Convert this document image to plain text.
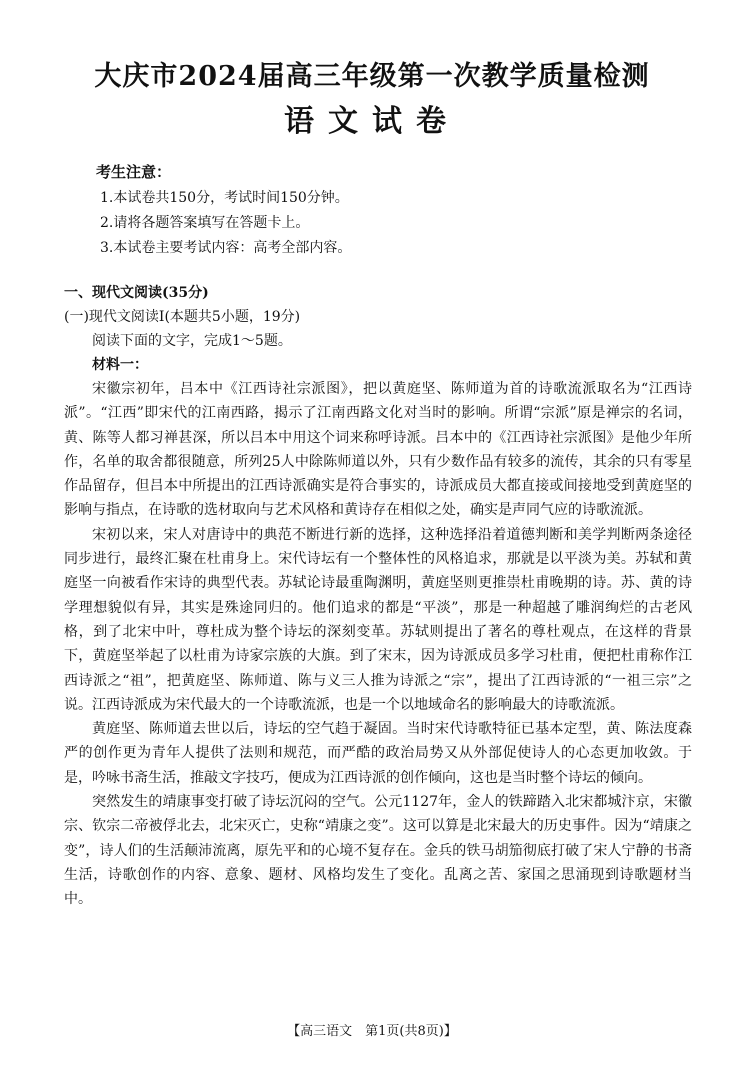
大庆市2024届高三年级第一次教学质量检测
语文试卷
考生注意：
1.本试卷共150分，考试时间150分钟。
2.请将各题答案填写在答题卡上。
3.本试卷主要考试内容：高考全部内容。
一、现代文阅读(35分)
(一)现代文阅读Ⅰ(本题共5小题，19分)
阅读下面的文字，完成1～5题。
材料一：

宋徽宗初年，吕本中《江西诗社宗派图》，把以黄庭坚、陈师道为首的诗歌流派取名为“江西诗派”。“江西”即宋代的江南西路，揭示了江南西路文化对当时的影响。所谓“宗派”原是禅宗的名词，黄、陈等人都习禅甚深，所以吕本中用这个词来称呼诗派。吕本中的《江西诗社宗派图》是他少年所作，名单的取舍都很随意，所列25人中除陈师道以外，只有少数作品有较多的流传，其余的只有零星作品留存，但吕本中所提出的江西诗派确实是符合事实的，诗派成员大都直接或间接地受到黄庭坚的影响与指点，在诗歌的选材取向与艺术风格和黄诗存在相似之处，确实是声同气应的诗歌流派。

宋初以来，宋人对唐诗中的典范不断进行新的选择，这种选择沿着道德判断和美学判断两条途径同步进行，最终汇聚在杜甫身上。宋代诗坛有一个整体性的风格追求，那就是以平淡为美。苏轼和黄庭坚一向被看作宋诗的典型代表。苏轼论诗最重陶渊明，黄庭坚则更推崇杜甫晚期的诗。苏、黄的诗学理想貌似有异，其实是殊途同归的。他们追求的都是“平淡”，那是一种超越了雕润绚烂的古老风格，到了北宋中叶，尊杜成为整个诗坛的深刻变革。苏轼则提出了著名的尊杜观点，在这样的背景下，黄庭坚举起了以杜甫为诗家宗族的大旗。到了宋末，因为诗派成员多学习杜甫，便把杜甫称作江西诗派之“祖”，把黄庭坚、陈师道、陈与义三人推为诗派之“宗”，提出了江西诗派的“一祖三宗”之说。江西诗派成为宋代最大的一个诗歌流派，也是一个以地域命名的影响最大的诗歌流派。

黄庭坚、陈师道去世以后，诗坛的空气趋于凝固。当时宋代诗歌特征已基本定型，黄、陈法度森严的创作更为青年人提供了法则和规范，而严酷的政治局势又从外部促使诗人的心态更加收敛。于是，吟咏书斋生活，推敲文字技巧，便成为江西诗派的创作倾向，这也是当时整个诗坛的倾向。

突然发生的靖康事变打破了诗坛沉闷的空气。公元1127年，金人的铁蹄踏入北宋都城汴京，宋徽宗、钦宗二帝被俘北去，北宋灭亡，史称“靖康之变”。这可以算是北宋最大的历史事件。因为“靖康之变”，诗人们的生活颠沛流离，原先平和的心境不复存在。金兵的铁马胡笳彻底打破了宋人宁静的书斋生活，诗歌创作的内容、意象、题材、风格均发生了变化。乱离之苦、家国之思涌现到诗歌题材当中。

【高三语文　第1页(共8页)】
